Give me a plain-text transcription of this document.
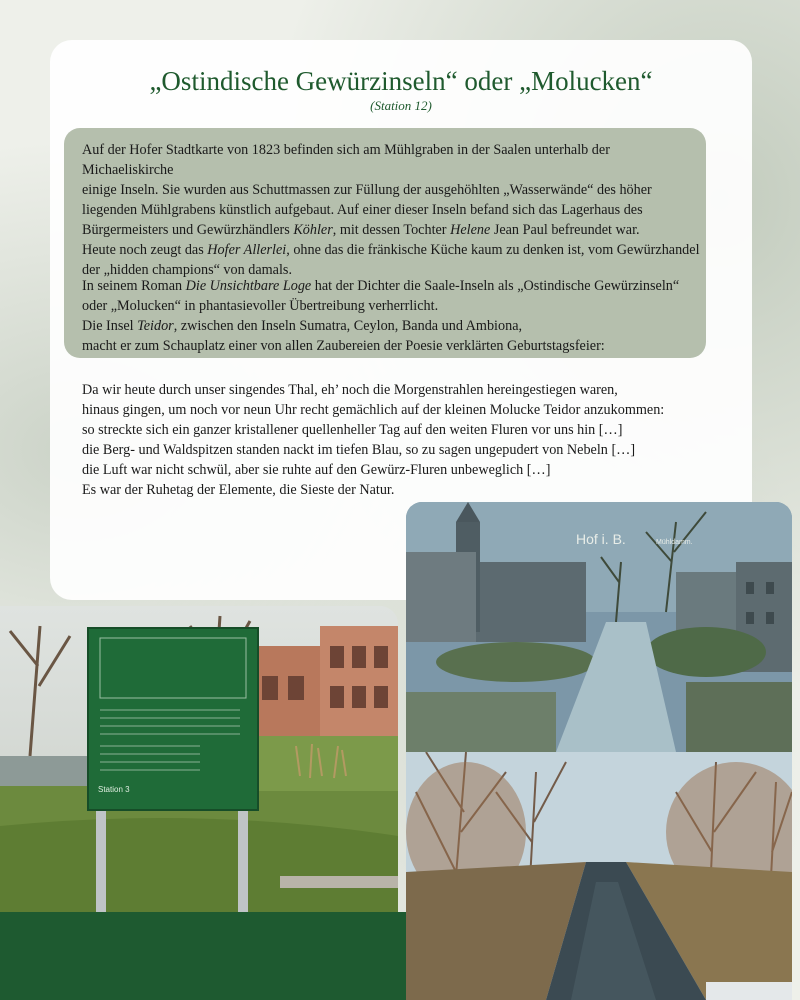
„Ostindische Gewürzinseln“ oder „Molucken“
(Station 12)
Auf der Hofer Stadtkarte von 1823 befinden sich am Mühlgraben in der Saalen unterhalb der Michaeliskirche
einige Inseln. Sie wurden aus Schuttmassen zur Füllung der ausgehöhlten „Wasserwände“ des höher
liegenden Mühlgrabens künstlich aufgebaut. Auf einer dieser Inseln befand sich das Lagerhaus des
Bürgermeisters und Gewürzhändlers Köhler, mit dessen Tochter Helene Jean Paul befreundet war.
Heute noch zeugt das Hofer Allerlei, ohne das die fränkische Küche kaum zu denken ist, vom Gewürzhandel
der „hidden champions“ von damals.
In seinem Roman Die Unsichtbare Loge hat der Dichter die Saale-Inseln als „Ostindische Gewürzinseln“
oder „Molucken“ in phantasievoller Übertreibung verherrlicht.
Die Insel Teidor, zwischen den Inseln Sumatra, Ceylon, Banda und Ambiona,
macht er zum Schauplatz einer von allen Zaubereien der Poesie verklärten Geburtstagsfeier:
Da wir heute durch unser singendes Thal, eh’ noch die Morgenstrahlen hereingestiegen waren,
hinaus gingen, um noch vor neun Uhr recht gemächlich auf der kleinen Molucke Teidor anzukommen:
so streckte sich ein ganzer kristallener quellenheller Tag auf den weiten Fluren vor uns hin […]
die Berg- und Waldspitzen standen nackt im tiefen Blau, so zu sagen ungepudert von Nebeln […]
die Luft war nicht schwül, aber sie ruhte auf den Gewürz-Fluren unbeweglich […]
Es war der Ruhetag der Elemente, die Sieste der Natur.
Station 3
Hof i. B.	Mühldamm.
